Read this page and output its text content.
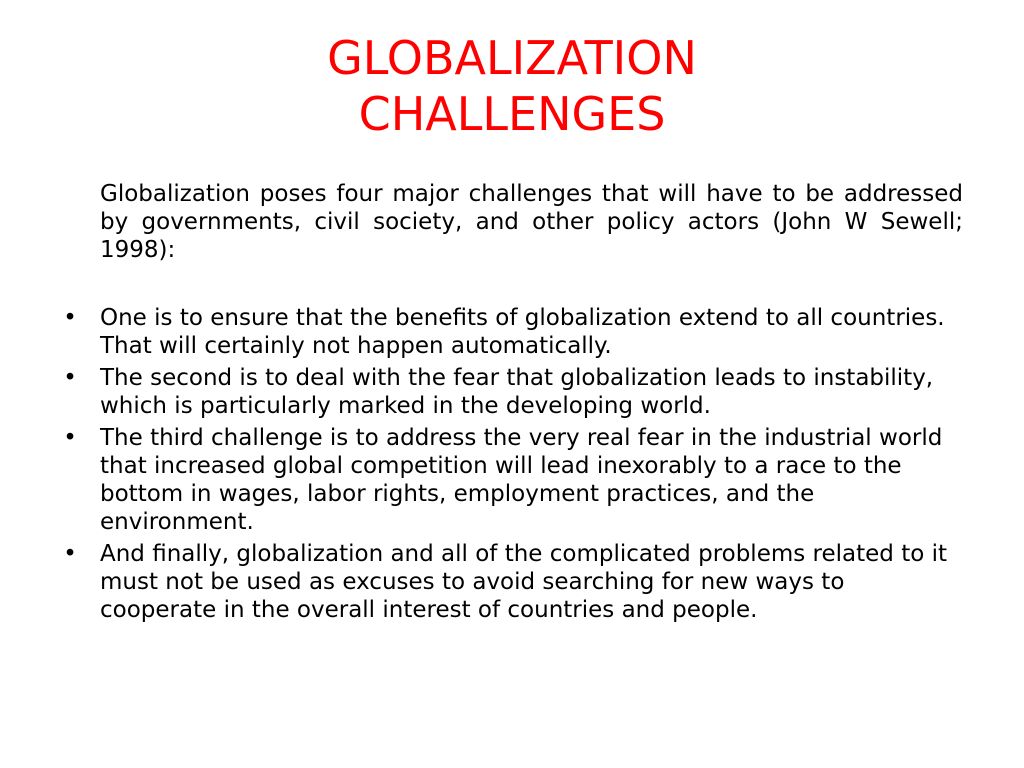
GLOBALIZATION
CHALLENGES

Globalization poses four major challenges that will have to be addressed by governments, civil society, and other policy actors (John W Sewell; 1998):

• One is to ensure that the benefits of globalization extend to all countries. That will certainly not happen automatically.
• The second is to deal with the fear that globalization leads to instability, which is particularly marked in the developing world.
• The third challenge is to address the very real fear in the industrial world that increased global competition will lead inexorably to a race to the bottom in wages, labor rights, employment practices, and the environment.
• And finally, globalization and all of the complicated problems related to it must not be used as excuses to avoid searching for new ways to cooperate in the overall interest of countries and people.
